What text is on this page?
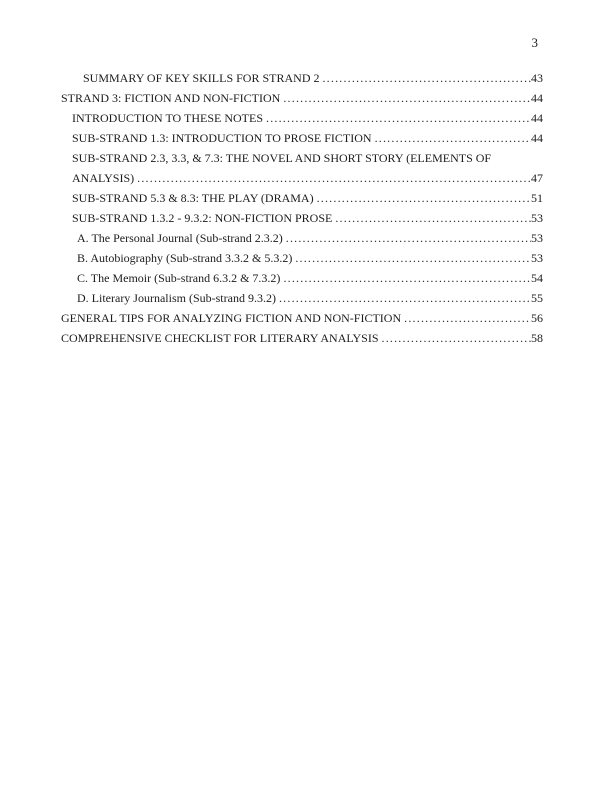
3
SUMMARY OF KEY SKILLS FOR STRAND 2 .....	43
STRAND 3: FICTION AND NON-FICTION .....	44
INTRODUCTION TO THESE NOTES .....	44
SUB-STRAND 1.3: INTRODUCTION TO PROSE FICTION .....	44
SUB-STRAND 2.3, 3.3, & 7.3: THE NOVEL AND SHORT STORY (ELEMENTS OF
ANALYSIS) .....	47
SUB-STRAND 5.3 & 8.3: THE PLAY (DRAMA) .....	51
SUB-STRAND 1.3.2 - 9.3.2: NON-FICTION PROSE .....	53
A. The Personal Journal (Sub-strand 2.3.2) .....	53
B. Autobiography (Sub-strand 3.3.2 & 5.3.2) .....	53
C. The Memoir (Sub-strand 6.3.2 & 7.3.2) .....	54
D. Literary Journalism (Sub-strand 9.3.2) .....	55
GENERAL TIPS FOR ANALYZING FICTION AND NON-FICTION .....	56
COMPREHENSIVE CHECKLIST FOR LITERARY ANALYSIS .....	58
